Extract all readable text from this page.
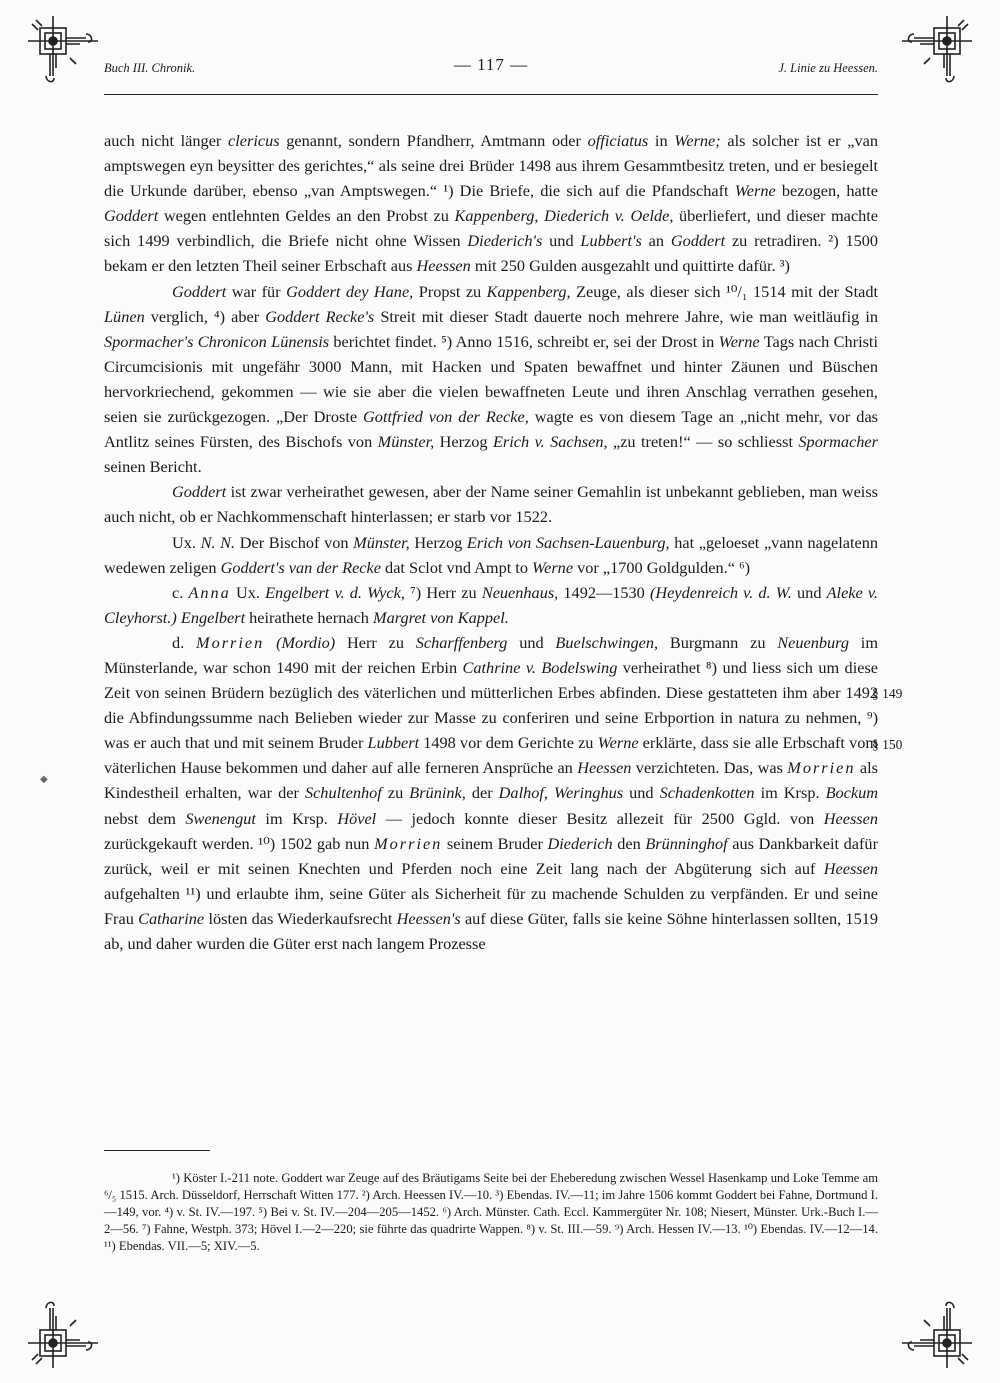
Buch III. Chronik.	— 117 —	J. Linie zu Heessen.
§ 149
§ 150
◆

auch nicht länger clericus genannt, sondern Pfandherr, Amtmann oder officiatus in Werne; als solcher ist er „van amptswegen eyn beysitter des gerichtes,“ als seine drei Brüder 1498 aus ihrem Gesammtbesitz treten, und er besiegelt die Urkunde darüber, ebenso „van Amptswegen.“ ¹) Die Briefe, die sich auf die Pfandschaft Werne bezogen, hatte Goddert wegen entlehnten Geldes an den Probst zu Kappenberg, Diederich v. Oelde, überliefert, und dieser machte sich 1499 verbindlich, die Briefe nicht ohne Wissen Diederich's und Lubbert's an Goddert zu retradiren. ²) 1500 bekam er den letzten Theil seiner Erbschaft aus Heessen mit 250 Gulden ausgezahlt und quittirte dafür. ³)

Goddert war für Goddert dey Hane, Propst zu Kappenberg, Zeuge, als dieser sich ¹⁰/₁ 1514 mit der Stadt Lünen verglich, ⁴) aber Goddert Recke's Streit mit dieser Stadt dauerte noch mehrere Jahre, wie man weitläufig in Spormacher's Chronicon Lünensis berichtet findet. ⁵) Anno 1516, schreibt er, sei der Drost in Werne Tags nach Christi Circumcisionis mit ungefähr 3000 Mann, mit Hacken und Spaten bewaffnet und hinter Zäunen und Büschen hervorkriechend, gekommen — wie sie aber die vielen bewaffneten Leute und ihren Anschlag verrathen gesehen, seien sie zurückgezogen. „Der Droste Gottfried von der Recke, wagte es von diesem Tage an „nicht mehr, vor das Antlitz seines Fürsten, des Bischofs von Münster, Herzog Erich v. Sachsen, „zu treten!“ — so schliesst Spormacher seinen Bericht.

Goddert ist zwar verheirathet gewesen, aber der Name seiner Gemahlin ist unbekannt geblieben, man weiss auch nicht, ob er Nachkommenschaft hinterlassen; er starb vor 1522.

Ux. N. N. Der Bischof von Münster, Herzog Erich von Sachsen-Lauenburg, hat „geloeset „vann nagelatenn wedewen zeligen Goddert's van der Recke dat Sclot vnd Ampt to Werne vor „1700 Goldgulden.“ ⁶)

c. Anna Ux. Engelbert v. d. Wyck, ⁷) Herr zu Neuenhaus, 1492—1530 (Heydenreich v. d. W. und Aleke v. Cleyhorst.) Engelbert heirathete hernach Margret von Kappel.

d. Morrien (Mordio) Herr zu Scharffenberg und Buelschwingen, Burgmann zu Neuenburg im Münsterlande, war schon 1490 mit der reichen Erbin Cathrine v. Bodelswing verheirathet ⁸) und liess sich um diese Zeit von seinen Brüdern bezüglich des väterlichen und mütterlichen Erbes abfinden. Diese gestatteten ihm aber 1492 die Abfindungssumme nach Belieben wieder zur Masse zu conferiren und seine Erbportion in natura zu nehmen, ⁹) was er auch that und mit seinem Bruder Lubbert 1498 vor dem Gerichte zu Werne erklärte, dass sie alle Erbschaft vom väterlichen Hause bekommen und daher auf alle ferneren Ansprüche an Heessen verzichteten. Das, was Morrien als Kindestheil erhalten, war der Schultenhof zu Brünink, der Dalhof, Weringhus und Schadenkotten im Krsp. Bockum nebst dem Swenengut im Krsp. Hövel — jedoch konnte dieser Besitz allezeit für 2500 Ggld. von Heessen zurückgekauft werden. ¹⁰) 1502 gab nun Morrien seinem Bruder Diederich den Brünninghof aus Dankbarkeit dafür zurück, weil er mit seinen Knechten und Pferden noch eine Zeit lang nach der Abgüterung sich auf Heessen aufgehalten ¹¹) und erlaubte ihm, seine Güter als Sicherheit für zu machende Schulden zu verpfänden. Er und seine Frau Catharine lösten das Wiederkaufsrecht Heessen's auf diese Güter, falls sie keine Söhne hinterlassen sollten, 1519 ab, und daher wurden die Güter erst nach langem Prozesse

¹) Köster I.-211 note. Goddert war Zeuge auf des Bräutigams Seite bei der Eheberedung zwischen Wessel Hasenkamp und Loke Temme am ⁶/₅ 1515. Arch. Düsseldorf, Herrschaft Witten 177. ²) Arch. Heessen IV.—10. ³) Ebendas. IV.—11; im Jahre 1506 kommt Goddert bei Fahne, Dortmund I.—149, vor. ⁴) v. St. IV.—197. ⁵) Bei v. St. IV.—204—205—1452. ⁶) Arch. Münster. Cath. Eccl. Kammergüter Nr. 108; Niesert, Münster. Urk.-Buch I.—2—56. ⁷) Fahne, Westph. 373; Hövel I.—2—220; sie führte das quadrirte Wappen. ⁸) v. St. III.—59. ⁹) Arch. Hessen IV.—13. ¹⁰) Ebendas. IV.—12—14. ¹¹) Ebendas. VII.—5; XIV.—5.
